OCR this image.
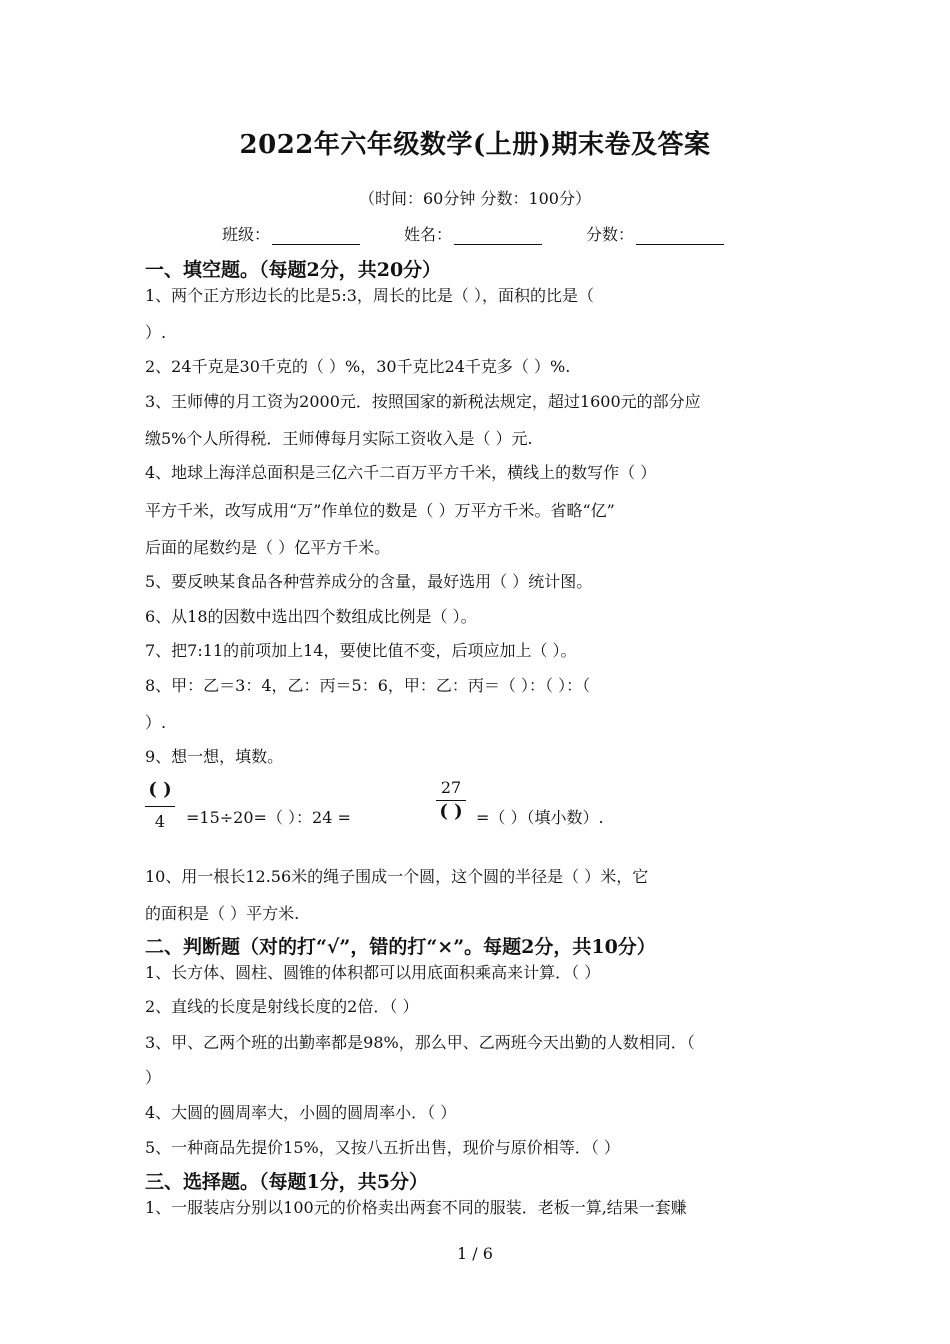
2022年六年级数学(上册)期末卷及答案
（时间：60分钟 分数：100分）
班级：	姓名：	分数：
一、填空题。（每题2分，共20分）
1、两个正方形边长的比是5:3，周长的比是（ ），面积的比是（
）.
2、24千克是30千克的（ ）%，30千克比24千克多（ ）%.
3、王师傅的月工资为2000元．按照国家的新税法规定，超过1600元的部分应
缴5%个人所得税．王师傅每月实际工资收入是（ ）元.
4、地球上海洋总面积是三亿六千二百万平方千米，横线上的数写作（ ）
平方千米，改写成用“万”作单位的数是（ ）万平方千米。省略“亿”
后面的尾数约是（ ）亿平方千米。
5、要反映某食品各种营养成分的含量，最好选用（ ）统计图。
6、从18的因数中选出四个数组成比例是（ ）。
7、把7:11的前项加上14，要使比值不变，后项应加上（ ）。
8、甲：乙＝3：4，乙：丙＝5：6，甲：乙：丙＝（ ）：（ ）：（
）.
9、想一想，填数。
( )
4	=15÷20=（ ）：24 =
27
( ) =（ ）（填小数）.
10、用一根长12.56米的绳子围成一个圆，这个圆的半径是（ ）米，它
的面积是（ ）平方米.
二、判断题（对的打“√”，错的打“×”。每题2分，共10分）
1、长方体、圆柱、圆锥的体积都可以用底面积乘高来计算．（ ）
2、直线的长度是射线长度的2倍．（ ）
3、甲、乙两个班的出勤率都是98%，那么甲、乙两班今天出勤的人数相同．（
）
4、大圆的圆周率大，小圆的圆周率小．（ ）
5、一种商品先提价15%，又按八五折出售，现价与原价相等．（ ）
三、选择题。（每题1分，共5分）
1、一服装店分别以100元的价格卖出两套不同的服装．老板一算,结果一套赚
1 / 6
